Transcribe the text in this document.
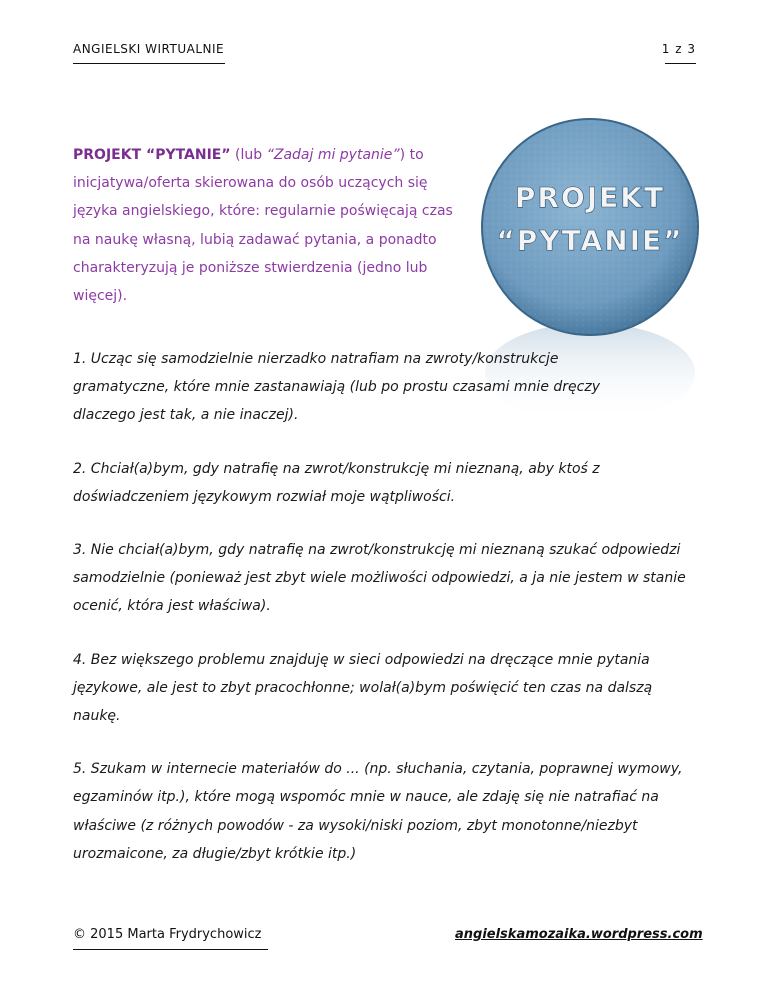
ANGIELSKI WIRTUALNIE	1 z 3
PROJEKT “PYTANIE” (lub “Zadaj mi pytanie”) to inicjatywa/oferta skierowana do osób uczących się języka angielskiego, które: regularnie poświęcają czas na naukę własną, lubią zadawać pytania, a ponadto charakteryzują je poniższe stwierdzenia (jedno lub więcej).
PROJEKT
“PYTANIE”

1. Ucząc się samodzielnie nierzadko natrafiam na zwroty/konstrukcje gramatyczne, które mnie zastanawiają (lub po prostu czasami mnie dręczy dlaczego jest tak, a nie inaczej).

2. Chciał(a)bym, gdy natrafię na zwrot/konstrukcję mi nieznaną, aby ktoś z doświadczeniem językowym rozwiał moje wątpliwości.

3. Nie chciał(a)bym, gdy natrafię na zwrot/konstrukcję mi nieznaną szukać odpowiedzi samodzielnie (ponieważ jest zbyt wiele możliwości odpowiedzi, a ja nie jestem w stanie ocenić, która jest właściwa).

4. Bez większego problemu znajduję w sieci odpowiedzi na dręczące mnie pytania językowe, ale jest to zbyt pracochłonne; wolał(a)bym poświęcić ten czas na dalszą naukę.

5. Szukam w internecie materiałów do ... (np. słuchania, czytania, poprawnej wymowy, egzaminów itp.), które mogą wspomóc mnie w nauce, ale zdaję się nie natrafiać na właściwe (z różnych powodów - za wysoki/niski poziom, zbyt monotonne/niezbyt urozmaicone, za długie/zbyt krótkie itp.)

© 2015 Marta Frydrychowicz	angielskamozaika.wordpress.com
